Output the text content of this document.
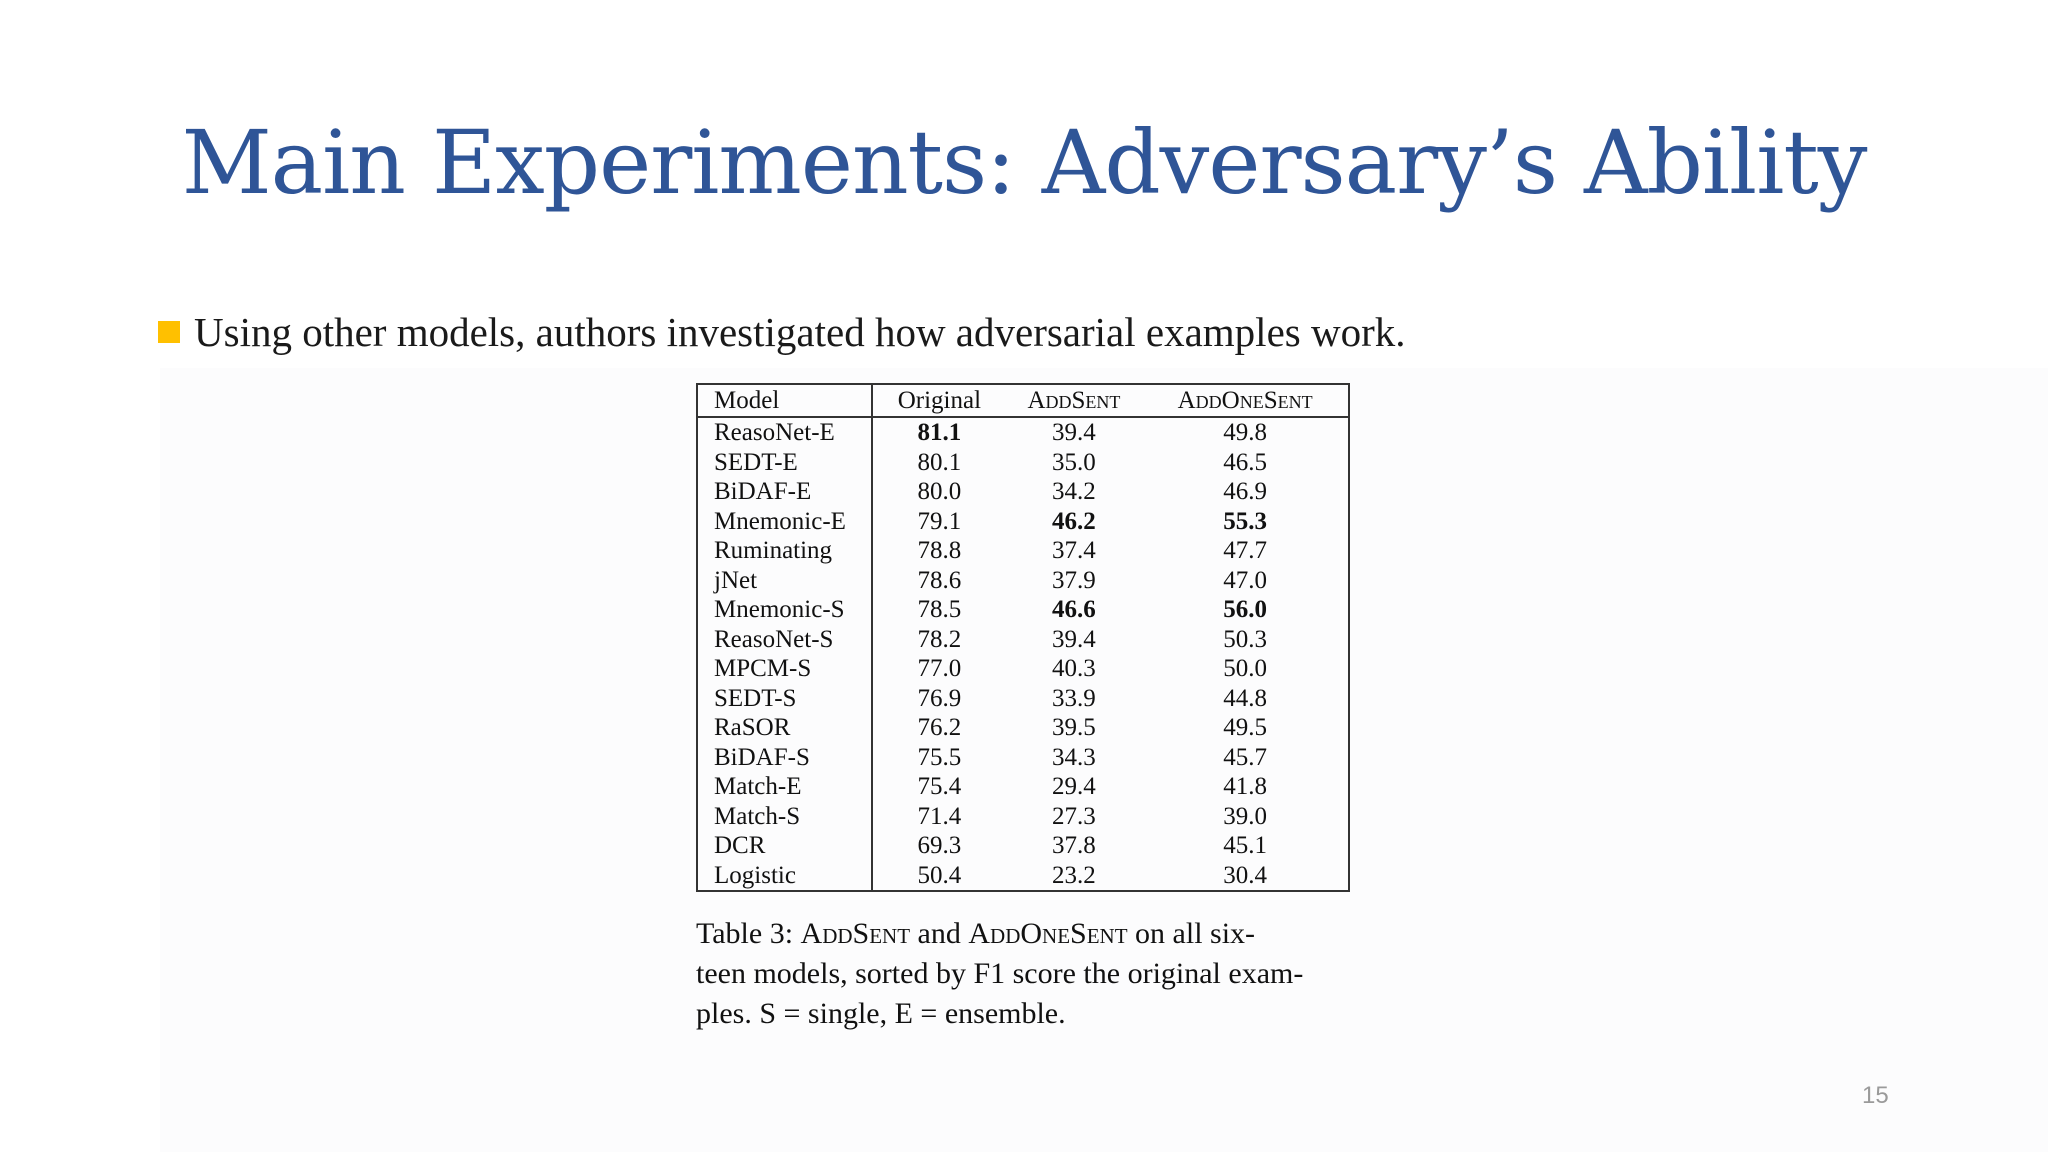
Main Experiments: Adversary’s Ability
Using other models, authors investigated how adversarial examples work.
Model	Original	AddSent	AddOneSent
ReasoNet-E	81.1	39.4	49.8
SEDT-E	80.1	35.0	46.5
BiDAF-E	80.0	34.2	46.9
Mnemonic-E	79.1	46.2	55.3
Ruminating	78.8	37.4	47.7
jNet	78.6	37.9	47.0
Mnemonic-S	78.5	46.6	56.0
ReasoNet-S	78.2	39.4	50.3
MPCM-S	77.0	40.3	50.0
SEDT-S	76.9	33.9	44.8
RaSOR	76.2	39.5	49.5
BiDAF-S	75.5	34.3	45.7
Match-E	75.4	29.4	41.8
Match-S	71.4	27.3	39.0
DCR	69.3	37.8	45.1
Logistic	50.4	23.2	30.4
Table 3: AddSent and AddOneSent on all six-
teen models, sorted by F1 score the original exam-
ples. S = single, E = ensemble.
15
